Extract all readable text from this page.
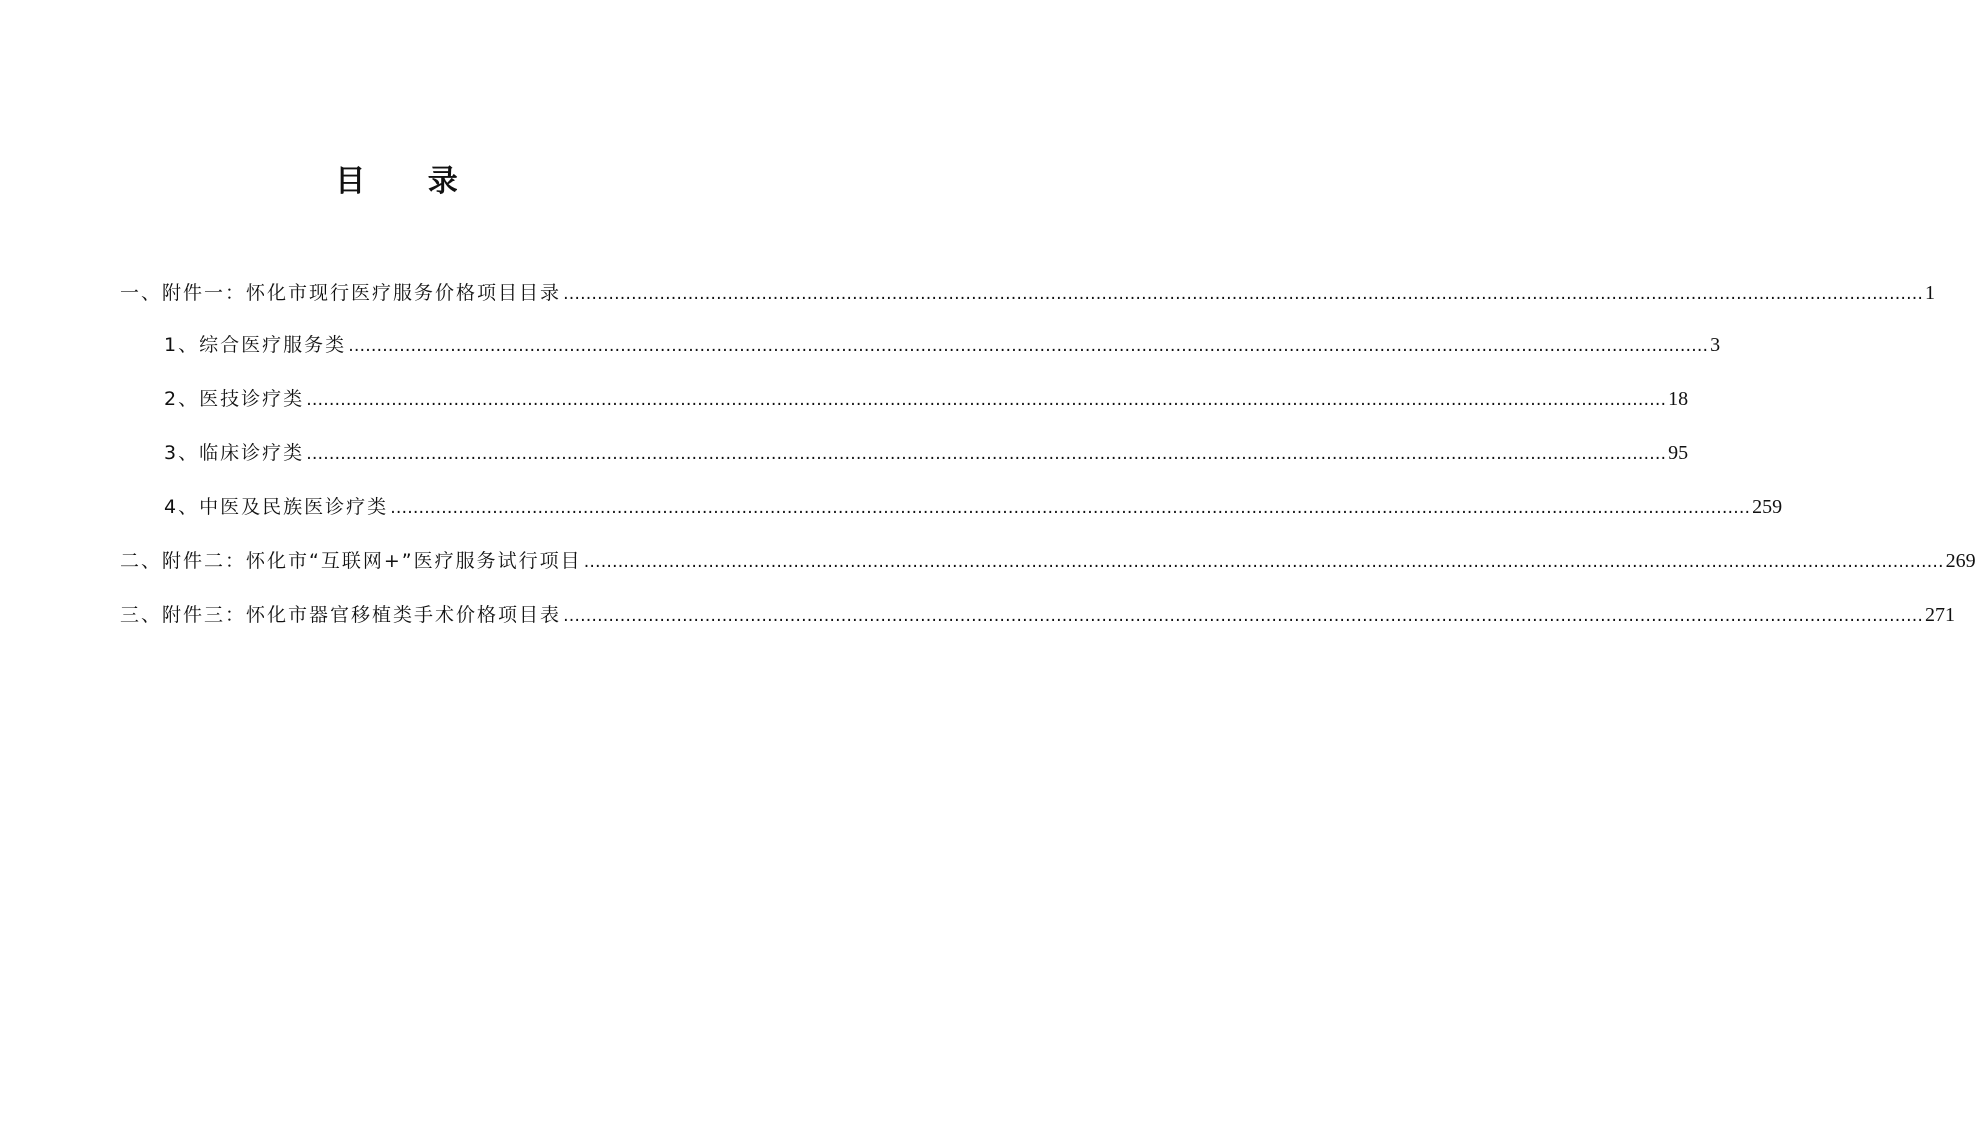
目 录
一、附件一：怀化市现行医疗服务价格项目目录 …………………………………………………………………………………………………………………………………………………………………………………………………………………… 1
1、综合医疗服务类 …………………………………………………………………………………………………………………………………………………………………………………………………………………… 3
2、医技诊疗类 …………………………………………………………………………………………………………………………………………………………………………………………………………………… 18
3、临床诊疗类 …………………………………………………………………………………………………………………………………………………………………………………………………………………… 95
4、中医及民族医诊疗类 …………………………………………………………………………………………………………………………………………………………………………………………………………………… 259
二、附件二：怀化市“互联网+”医疗服务试行项目 …………………………………………………………………………………………………………………………………………………………………………………………………………………… 269
三、附件三：怀化市器官移植类手术价格项目表 …………………………………………………………………………………………………………………………………………………………………………………………………………………… 271
